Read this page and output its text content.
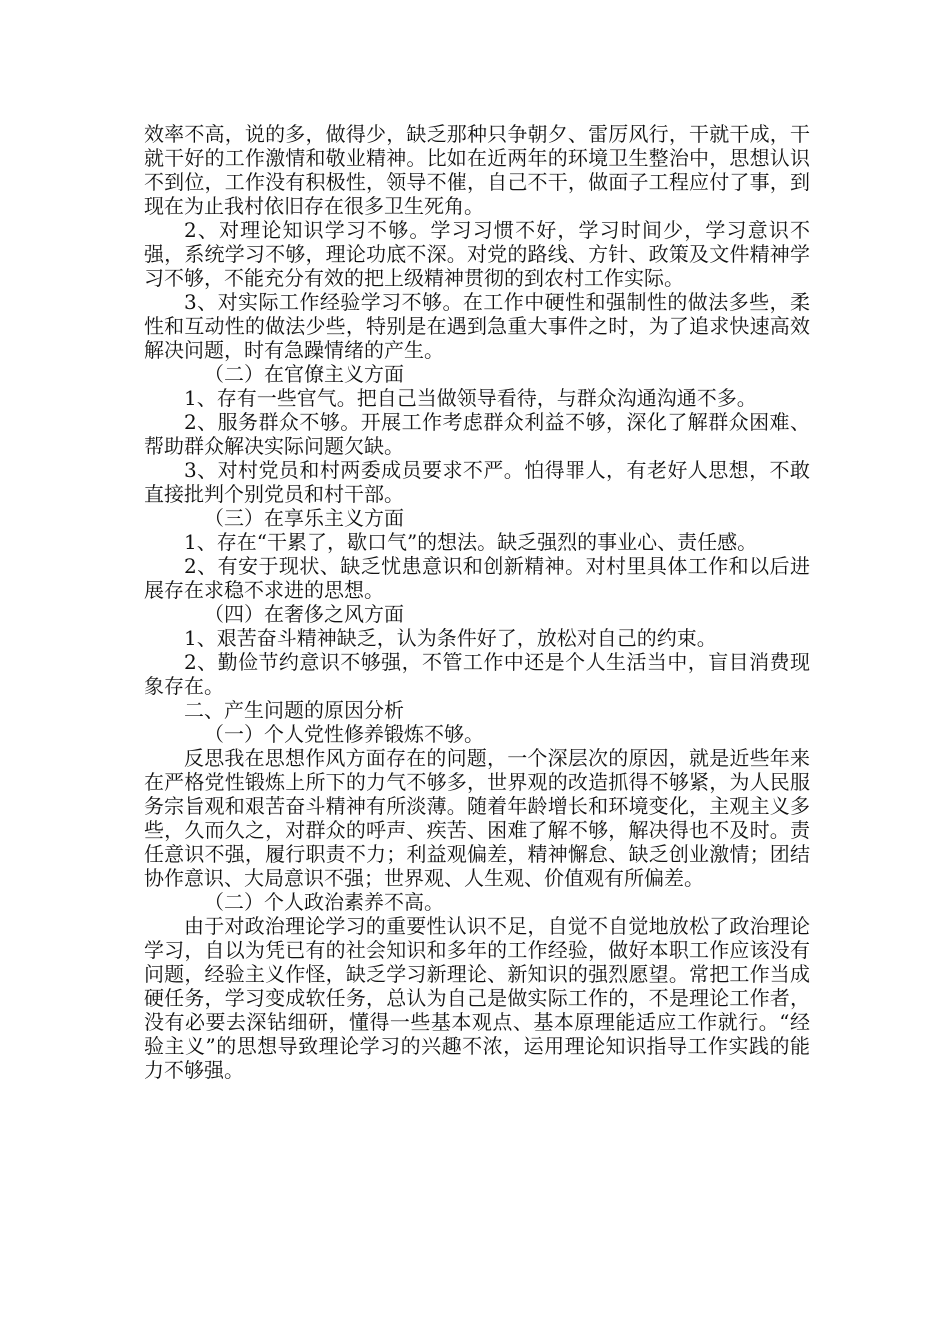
效率不高，说的多，做得少，缺乏那种只争朝夕、雷厉风行，干就干成，干就干好的工作激情和敬业精神。比如在近两年的环境卫生整治中，思想认识不到位，工作没有积极性，领导不催，自己不干，做面子工程应付了事，到现在为止我村依旧存在很多卫生死角。

2、对理论知识学习不够。学习习惯不好，学习时间少，学习意识不强，系统学习不够，理论功底不深。对党的路线、方针、政策及文件精神学习不够，不能充分有效的把上级精神贯彻的到农村工作实际。

3、对实际工作经验学习不够。在工作中硬性和强制性的做法多些，柔性和互动性的做法少些，特别是在遇到急重大事件之时，为了追求快速高效解决问题，时有急躁情绪的产生。

（二）在官僚主义方面

1、存有一些官气。把自己当做领导看待，与群众沟通沟通不多。

2、服务群众不够。开展工作考虑群众利益不够，深化了解群众困难、帮助群众解决实际问题欠缺。

3、对村党员和村两委成员要求不严。怕得罪人，有老好人思想，不敢直接批判个别党员和村干部。

（三）在享乐主义方面

1、存在“干累了，歇口气”的想法。缺乏强烈的事业心、责任感。

2、有安于现状、缺乏忧患意识和创新精神。对村里具体工作和以后进展存在求稳不求进的思想。

（四）在奢侈之风方面

1、艰苦奋斗精神缺乏，认为条件好了，放松对自己的约束。

2、勤俭节约意识不够强，不管工作中还是个人生活当中，盲目消费现象存在。

二、产生问题的原因分析

（一）个人党性修养锻炼不够。

反思我在思想作风方面存在的问题，一个深层次的原因，就是近些年来在严格党性锻炼上所下的力气不够多，世界观的改造抓得不够紧，为人民服务宗旨观和艰苦奋斗精神有所淡薄。随着年龄增长和环境变化，主观主义多些，久而久之，对群众的呼声、疾苦、困难了解不够，解决得也不及时。责任意识不强，履行职责不力；利益观偏差，精神懈怠、缺乏创业激情；团结协作意识、大局意识不强；世界观、人生观、价值观有所偏差。

（二）个人政治素养不高。

由于对政治理论学习的重要性认识不足，自觉不自觉地放松了政治理论学习，自以为凭已有的社会知识和多年的工作经验，做好本职工作应该没有问题，经验主义作怪，缺乏学习新理论、新知识的强烈愿望。常把工作当成硬任务，学习变成软任务，总认为自己是做实际工作的，不是理论工作者，没有必要去深钻细研，懂得一些基本观点、基本原理能适应工作就行。“经验主义”的思想导致理论学习的兴趣不浓，运用理论知识指导工作实践的能力不够强。
